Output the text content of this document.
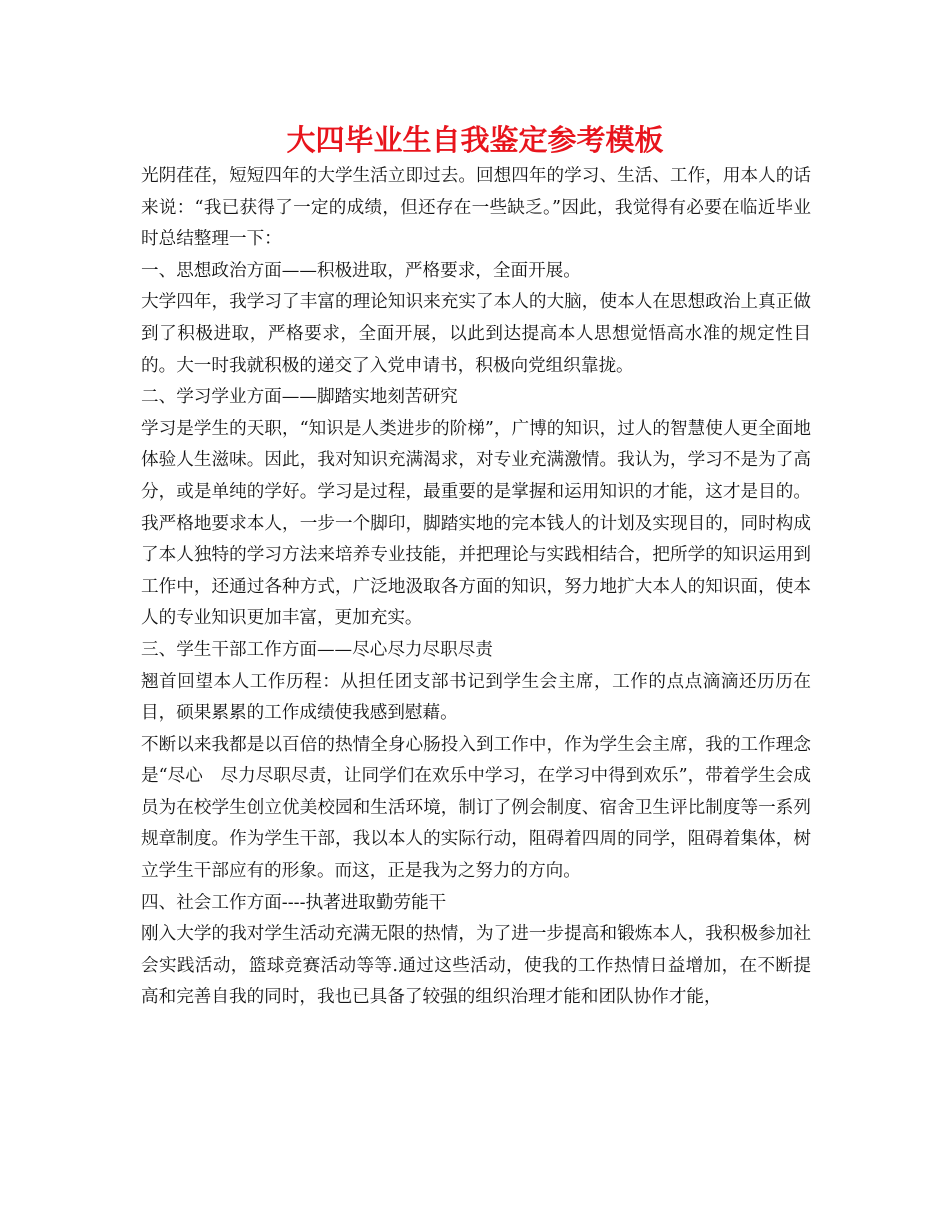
大四毕业生自我鉴定参考模板

光阴荏荏，短短四年的大学生活立即过去。回想四年的学习、生活、工作，用本人的话来说：“我已获得了一定的成绩，但还存在一些缺乏。”因此，我觉得有必要在临近毕业时总结整理一下：

一、思想政治方面——积极进取，严格要求，全面开展。

大学四年，我学习了丰富的理论知识来充实了本人的大脑，使本人在思想政治上真正做到了积极进取，严格要求，全面开展，以此到达提高本人思想觉悟高水准的规定性目的。大一时我就积极的递交了入党申请书，积极向党组织靠拢。

二、学习学业方面——脚踏实地刻苦研究

学习是学生的天职，“知识是人类进步的阶梯”，广博的知识，过人的智慧使人更全面地体验人生滋味。因此，我对知识充满渴求，对专业充满激情。我认为，学习不是为了高分，或是单纯的学好。学习是过程，最重要的是掌握和运用知识的才能，这才是目的。我严格地要求本人，一步一个脚印，脚踏实地的完本钱人的计划及实现目的，同时构成了本人独特的学习方法来培养专业技能，并把理论与实践相结合，把所学的知识运用到工作中，还通过各种方式，广泛地汲取各方面的知识，努力地扩大本人的知识面，使本人的专业知识更加丰富，更加充实。

三、学生干部工作方面——尽心尽力尽职尽责

翘首回望本人工作历程：从担任团支部书记到学生会主席，工作的点点滴滴还历历在目，硕果累累的工作成绩使我感到慰藉。

不断以来我都是以百倍的热情全身心肠投入到工作中，作为学生会主席，我的工作理念是“尽心　尽力尽职尽责，让同学们在欢乐中学习，在学习中得到欢乐”，带着学生会成员为在校学生创立优美校园和生活环境，制订了例会制度、宿舍卫生评比制度等一系列规章制度。作为学生干部，我以本人的实际行动，阻碍着四周的同学，阻碍着集体，树立学生干部应有的形象。而这，正是我为之努力的方向。

四、社会工作方面----执著进取勤劳能干

刚入大学的我对学生活动充满无限的热情，为了进一步提高和锻炼本人，我积极参加社会实践活动，篮球竞赛活动等等.通过这些活动，使我的工作热情日益增加，在不断提高和完善自我的同时，我也已具备了较强的组织治理才能和团队协作才能，
